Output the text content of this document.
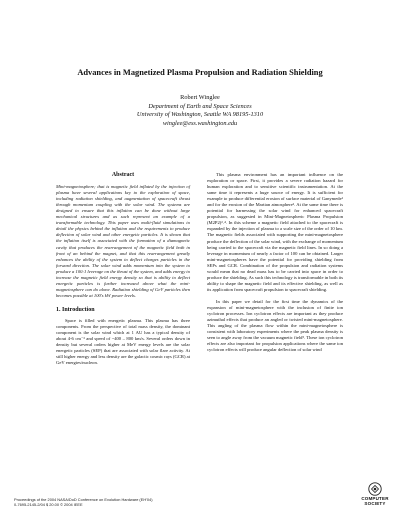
Advances in Magnetized Plasma Propulsion and Radiation Shielding
Robert Winglee
Department of Earth and Space Sciences
University of Washington, Seattle WA 98195-1310
winglee@ess.washington.edu
Abstract

Mini-magnetosphere; that is magnetic field inflated by the injection of plasma have several applications key to the exploration of space, including radiation shielding, and augmentation of spacecraft thrust through momentum coupling with the solar wind. The systems are designed to ensure that this inflation can be done without large mechanical structures and as such represent an example of a transformable technology. This paper uses multi-fluid simulations to detail the physics behind the inflation and the requirements to produce deflection of solar wind and other energetic particles. It is shown that the inflation itself is associated with the formation of a diamagnetic cavity that produces the rearrangement of the magnetic field both in front of an behind the magnet, and that this rearrangement greatly enhances the ability of the system to deflect charges particles in the forward direction. The solar wind adds momentum into the system to produce a 100:1 leverage on the thrust of the system, and adds energy to increase the magnetic field energy density so that is ability to deflect energetic particles is further increased above what the mini-magnetosphere can do alone. Radiation shielding of GeV particles then becomes possible at 100's kW power levels.

1. Introduction

Space is filled with energetic plasma. This plasma has three components. From the perspective of total mass density, the dominant component is the solar wind which at 1 AU has a typical density of about 4-6 cm⁻³ and speed of ~400 – 800 km/s. Several orders down in density but several orders higher at MeV energy levels are the solar energetic particles (SEP) that are associated with solar flare activity. At still higher energy and less density are the galactic cosmic rays (GCR) at GeV energies/nucleon.

This plasma environment has an important influence on the exploration or space. First, it provides a severe radiation hazard for human exploration and to sensitive scientific instrumentation. At the same time it represents a huge source of energy. It is sufficient for example to produce differential erosion of surface material of Ganymede¹ and for the erosion of the Martian atmosphere². At the same time there is potential for harnessing the solar wind for enhanced spacecraft propulsion, as suggested in Mini-Magnetospheric Plasma Propulsion (M2P2)³˒⁴. In this scheme a magnetic field attached to the spacecraft is expanded by the injection of plasma to a scale size of the order of 10 km. The magnetic fields associated with supporting the mini-magnetosphere produce the deflection of the solar wind, with the exchange of momentum being carried to the spacecraft via the magnetic field lines. In so doing a leverage in momentum of nearly a factor of 100 can be obtained. Larger mini-magnetospheres have the potential for providing shielding from SEPs and GCR. Combination of the propulsion and radiation systems would mean that no dead mass has to be carried into space in order to produce the shielding. As such this technology is transformable in both its ability to shape the magnetic field and its effective shielding, as well as its application from spacecraft propulsion to spacecraft shielding.

In this paper we detail for the first time the dynamics of the expansion of mini-magnetosphere with the inclusion of finite ion cyclotron processes. Ion cyclotron effects are important as they produce azimuthal effects that produce an angled or twisted mini-magnetosphere. This angling of the plasma flow within the mini-magnetosphere is consistent with laboratory experiments where the peak plasma density is seen to angle away from the vacuum magnetic field⁵. These ion cyclotron effects are also important for propulsion applications where the same ion cyclotron effects will produce angular deflection of solar wind

Proceedings of the 2004 NASA/DoD Conference on Evolution Hardware (EH'04)
0-7695-2145-2/04 $ 20.00 © 2004 IEEE
COMPUTER
SOCIETY
